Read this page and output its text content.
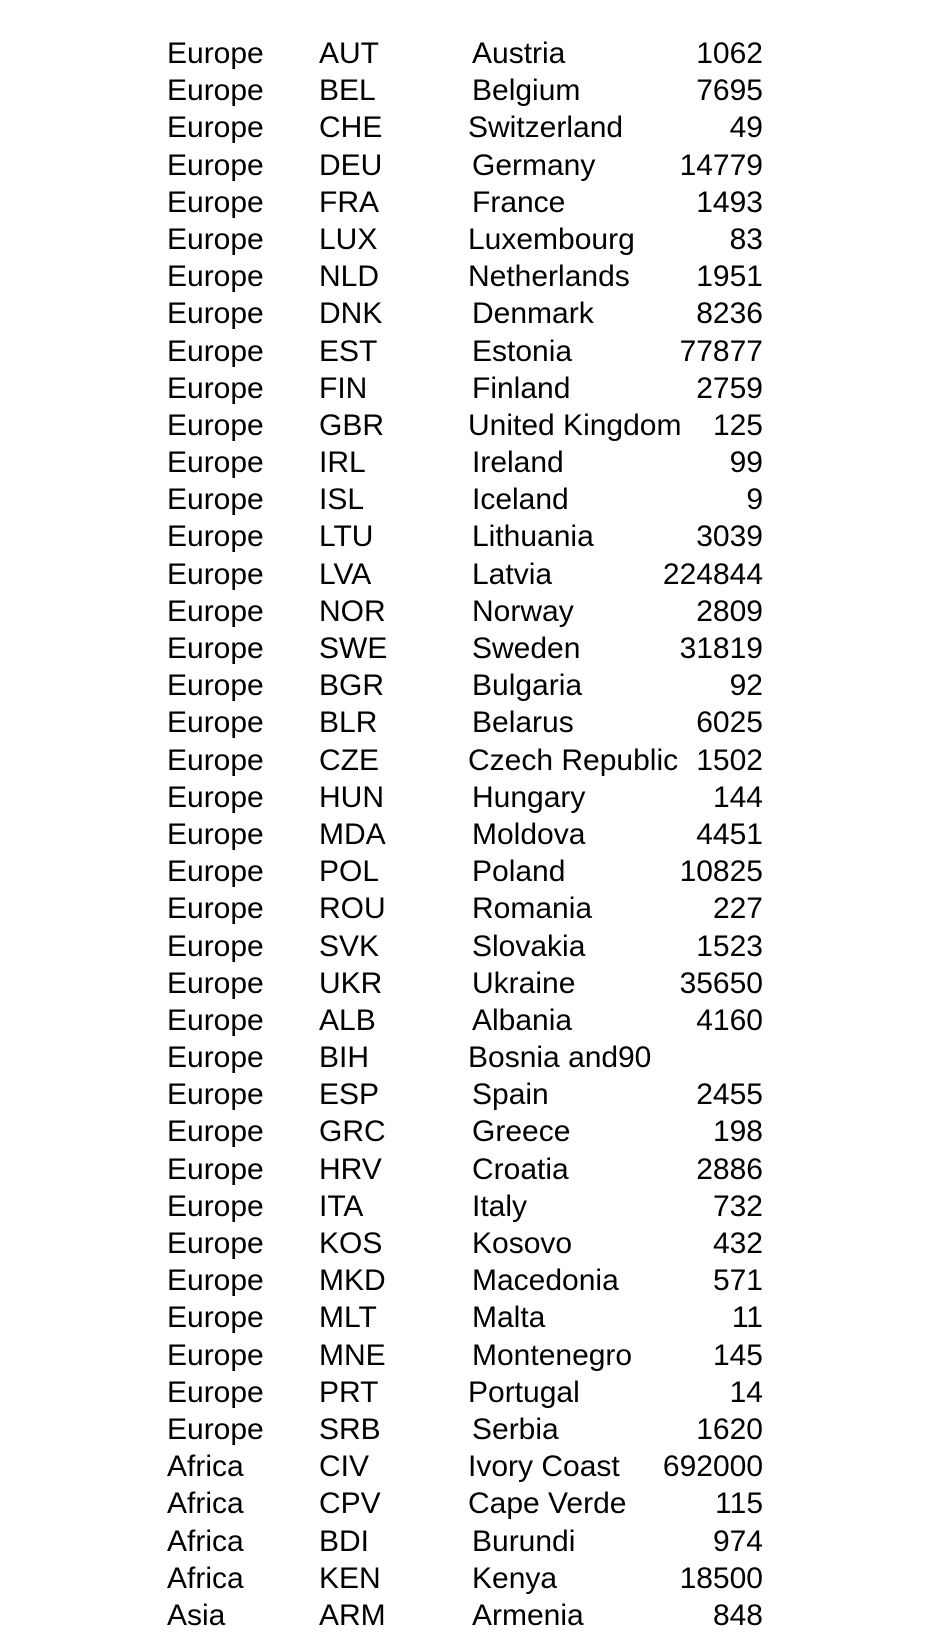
Europe	AUT	Austria	1062
Europe	BEL	Belgium	7695
Europe	CHE	Switzerland	49
Europe	DEU	Germany	14779
Europe	FRA	France	1493
Europe	LUX	Luxembourg	83
Europe	NLD	Netherlands	1951
Europe	DNK	Denmark	8236
Europe	EST	Estonia	77877
Europe	FIN	Finland	2759
Europe	GBR	United Kingdom	125
Europe	IRL	Ireland	99
Europe	ISL	Iceland	9
Europe	LTU	Lithuania	3039
Europe	LVA	Latvia	224844
Europe	NOR	Norway	2809
Europe	SWE	Sweden	31819
Europe	BGR	Bulgaria	92
Europe	BLR	Belarus	6025
Europe	CZE	Czech Republic 1502
Europe	HUN	Hungary	144
Europe	MDA	Moldova	4451
Europe	POL	Poland	10825
Europe	ROU	Romania	227
Europe	SVK	Slovakia	1523
Europe	UKR	Ukraine	35650
Europe	ALB	Albania	4160
Europe	BIH	Bosnia and 90
Europe	ESP	Spain	2455
Europe	GRC	Greece	198
Europe	HRV	Croatia	2886
Europe	ITA	Italy	732
Europe	KOS	Kosovo	432
Europe	MKD	Macedonia	571
Europe	MLT	Malta	11
Europe	MNE	Montenegro	145
Europe	PRT	Portugal	14
Europe	SRB	Serbia	1620
Africa	CIV	Ivory Coast	692000
Africa	CPV	Cape Verde	115
Africa	BDI	Burundi	974
Africa	KEN	Kenya	18500
Asia	ARM	Armenia	848
